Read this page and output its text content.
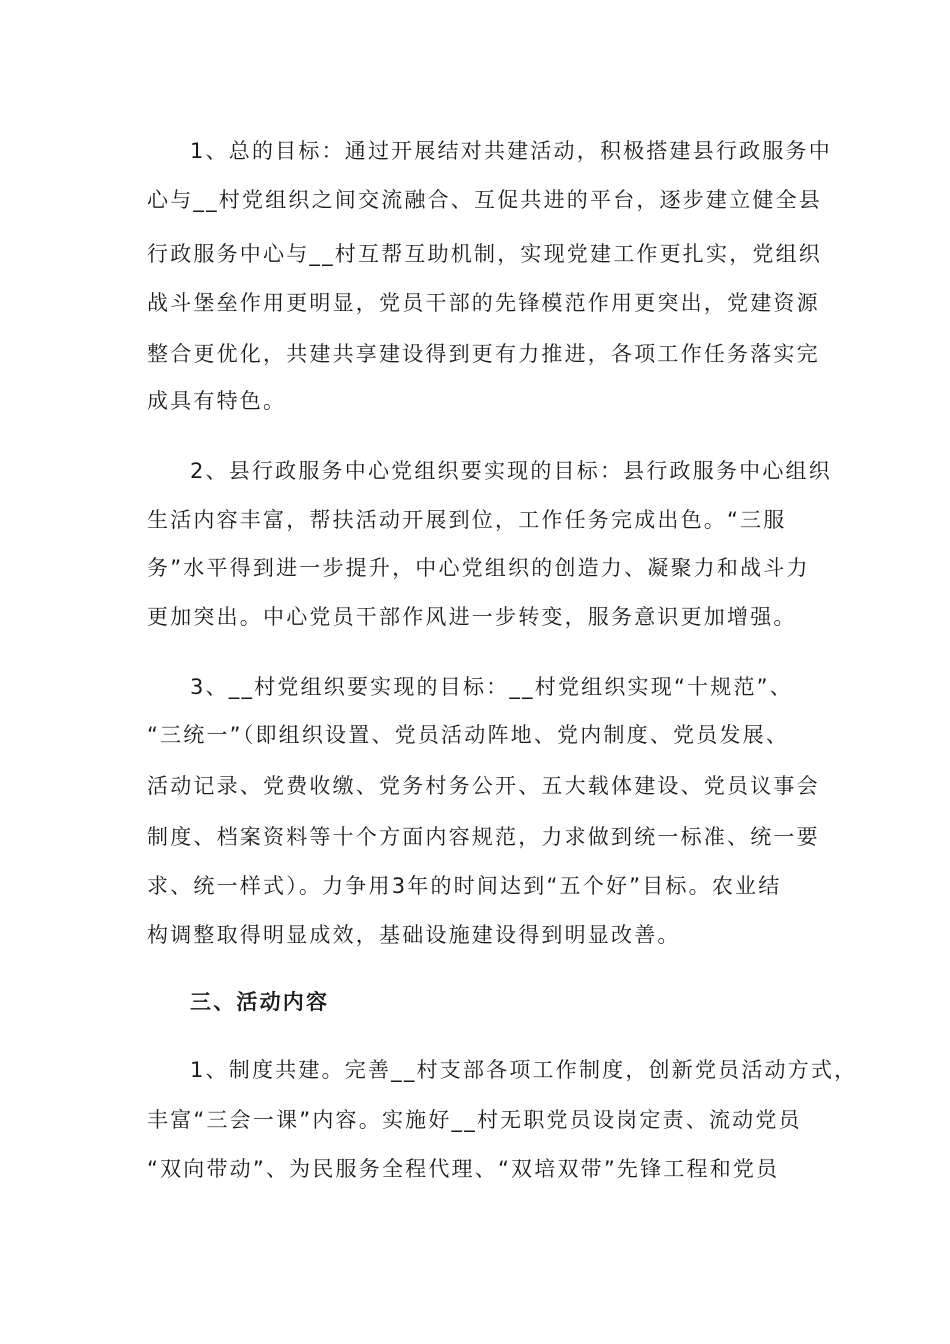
1、总的目标：通过开展结对共建活动，积极搭建县行政服务中
心与__村党组织之间交流融合、互促共进的平台，逐步建立健全县
行政服务中心与__村互帮互助机制，实现党建工作更扎实，党组织
战斗堡垒作用更明显，党员干部的先锋模范作用更突出，党建资源
整合更优化，共建共享建设得到更有力推进，各项工作任务落实完
成具有特色。
2、县行政服务中心党组织要实现的目标：县行政服务中心组织
生活内容丰富，帮扶活动开展到位，工作任务完成出色。“三服
务”水平得到进一步提升，中心党组织的创造力、凝聚力和战斗力
更加突出。中心党员干部作风进一步转变，服务意识更加增强。
3、__村党组织要实现的目标：__村党组织实现“十规范”、
“三统一”（即组织设置、党员活动阵地、党内制度、党员发展、
活动记录、党费收缴、党务村务公开、五大载体建设、党员议事会
制度、档案资料等十个方面内容规范，力求做到统一标准、统一要
求、统一样式）。力争用3年的时间达到“五个好”目标。农业结
构调整取得明显成效，基础设施建设得到明显改善。
三、活动内容
1、制度共建。完善__村支部各项工作制度，创新党员活动方式，
丰富“三会一课”内容。实施好__村无职党员设岗定责、流动党员
“双向带动”、为民服务全程代理、“双培双带”先锋工程和党员
